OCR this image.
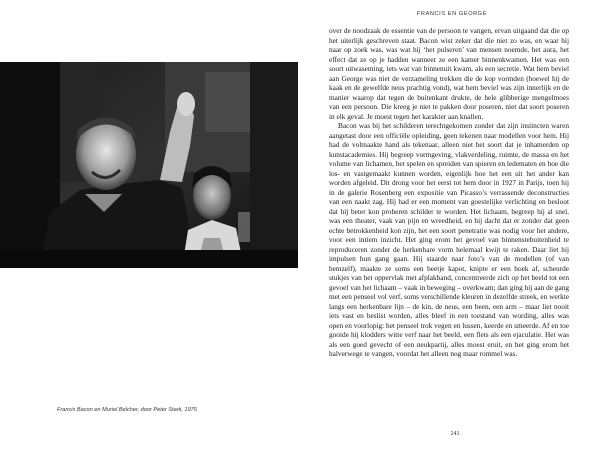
Francis Bacon en Muriel Belcher, door Peter Stark, 1975
FRANCIS EN GEORGE

over de noodzaak de essentie van de persoon te vangen, ervan uitgaand dat die op het uiterlijk geschreven staat. Bacon wist zeker dat die niet zo was, en waar hij naar op zoek was, was wat hij ‘het pulseren’ van mensen noemde, het aura, het effect dat ze op je hadden wanneer ze een kamer binnenkwamen. Het was een soort uitwaseming, iets wat van binnenuit kwam, als een secretie. Wat hem beviel aan George was niet de verzameling trekken die de kop vormden (hoewel hij de kaak en de gewelfde neus prachtig vond), wat hem beviel was zijn innerlijk en de manier waarop dat tegen de buitenkant drukte, de hele glibberige mengelmoes van een persoon. Die kreeg je niet te pakken door poseren, niet dat soort poseren in elk geval. Je moest tegen het karakter aan knallen.

Bacon was bij het schilderen terechtgekomen zonder dat zijn instincten waren aangetast door een officiële opleiding, geen tekenen naar modellen voor hem. Hij had de volmaakte hand als tekenaar, alleen niet het soort dat je inhamerden op kunstacademies. Hij begreep vormgeving, vlakverdeling, ruimte, de massa en het volume van lichamen, het spelen en spreiden van spieren en ledematen en hoe die los- en vastgemaakt kunnen worden, eigenlijk hoe het een uit het ander kan worden afgeleid. Dit drong voor het eerst tot hem door in 1927 in Parijs, toen hij in de galerie Rosenberg een expositie van Picasso’s verrassende deconstructies van een naakt zag. Hij had er een moment van goestelijke verlichting en besloot dat hij beter kon proberen schilder te worden. Het lichaam, begreep hij al snel, was een theater, vaak van pijn en wreedheid, en hij dacht dat er zonder dat geen echte betrokkenheid kon zijn, het een soort penetratie was nodig voor het andere, voor een intiem inzicht. Het ging erom het gevoel van binnenstebuitenheid te reproduceren zonder de herkenbare vorm helemaal kwijt te raken. Daar liet hij impulsen hun gang gaan. Hij staarde naar foto’s van de modellen (of van hemzelf), maakte ze soms een beetje kapot, knipte er een hoek af, scheurde stukjes van het oppervlak met afplakband, concentreerde zich op het beeld tot een gevoel van het lichaam – vaak in beweging – overkwam; dan ging hij aan de gang met een penseel vol verf, soms verschillende kleuren in dezelfde streek, en werkte langs een herkenbare lijn – de kin, de neus, een been, een arm – maar liet nooit iets vast en beslist worden, alles bleef in een toestand van wording, alles was open en voorlopig: het penseel trok vegen en lussen, keerde en smeerde. Af en toe gooide hij klodders witte verf naar het beeld, een flets als een ejaculatie. Het was als een goed gevecht of een neukpartij, alles moest eruit, en het ging erom het halverwege te vangen, voordat het alleen nog maar rommel was.

241
